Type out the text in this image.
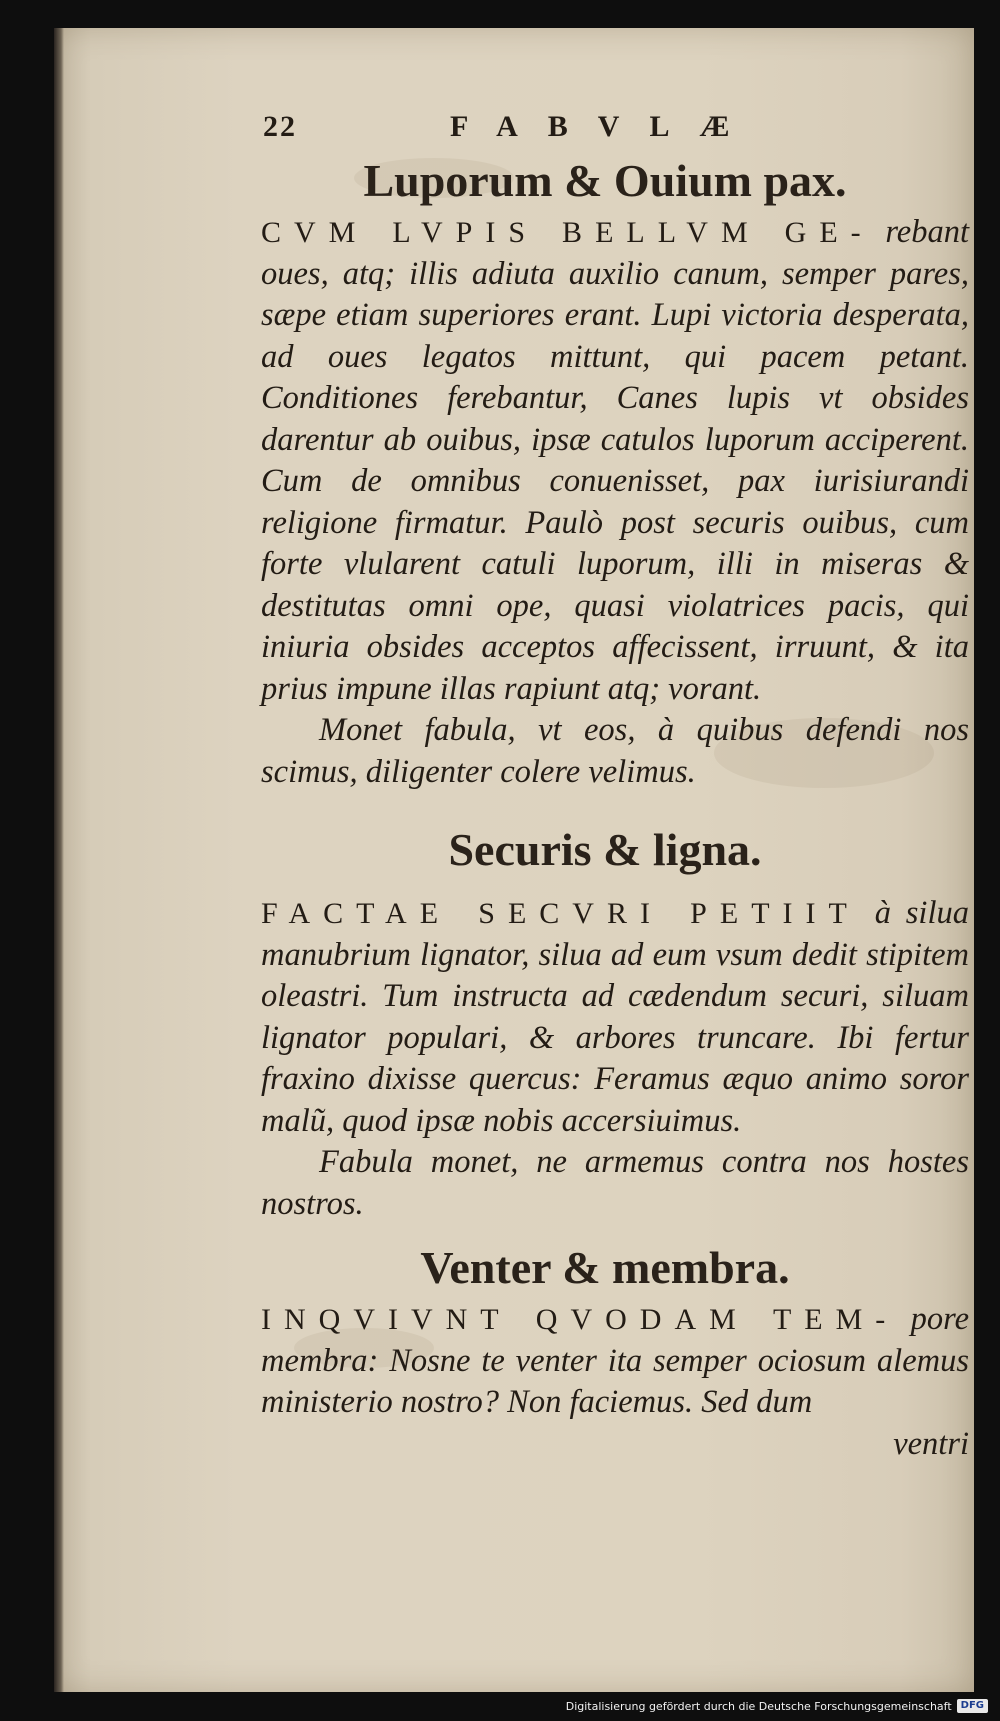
22	FABVLÆ
Luporum & Ouium pax.

CVM LVPIS BELLVM GE- rebant oues, atq; illis adiuta auxilio canum, semper pares, sæpe etiam superiores erant. Lupi victoria desperata, ad oues legatos mittunt, qui pacem petant. Conditiones ferebantur, Canes lupis vt obsides darentur ab ouibus, ipsæ catulos luporum acciperent. Cum de omnibus conuenisset, pax iurisiurandi religione firmatur. Paulò post securis ouibus, cum forte vlularent catuli luporum, illi in miseras & destitutas omni ope, quasi violatrices pacis, qui iniuria obsides acceptos affecissent, irruunt, & ita prius impune illas rapiunt atq; vorant.

Monet fabula, vt eos, à quibus defendi nos scimus, diligenter colere velimus.

Securis & ligna.

FACTAE SECVRI PETIIT à silua manubrium lignator, silua ad eum vsum dedit stipitem oleastri. Tum instructa ad cædendum securi, siluam lignator populari, & arbores truncare. Ibi fertur fraxino dixisse quercus: Feramus æquo animo soror malũ, quod ipsæ nobis accersiuimus.

Fabula monet, ne armemus contra nos hostes nostros.

Venter & membra.

INQVIVNT QVODAM TEM- pore membra: Nosne te venter ita semper ociosum alemus ministerio nostro? Non faciemus. Sed dum

ventri

Digitalisierung gefördert durch die Deutsche Forschungsgemeinschaft DFG
